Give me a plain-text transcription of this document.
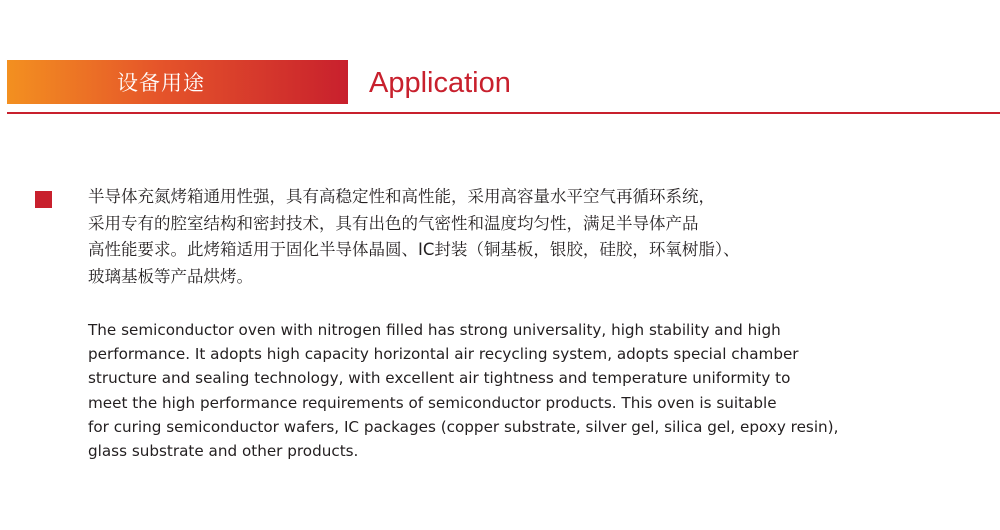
设备用途	Application
半导体充氮烤箱通用性强，具有高稳定性和高性能，采用高容量水平空气再循环系统，
采用专有的腔室结构和密封技术，具有出色的气密性和温度均匀性，满足半导体产品
高性能要求。此烤箱适用于固化半导体晶圆、IC封装（铜基板，银胶，硅胶，环氧树脂）、
玻璃基板等产品烘烤。
The semiconductor oven with nitrogen filled has strong universality, high stability and high
performance. It adopts high capacity horizontal air recycling system, adopts special chamber
structure and sealing technology, with excellent air tightness and temperature uniformity to
meet the high performance requirements of semiconductor products. This oven is suitable
for curing semiconductor wafers, IC packages (copper substrate, silver gel, silica gel, epoxy resin),
glass substrate and other products.
